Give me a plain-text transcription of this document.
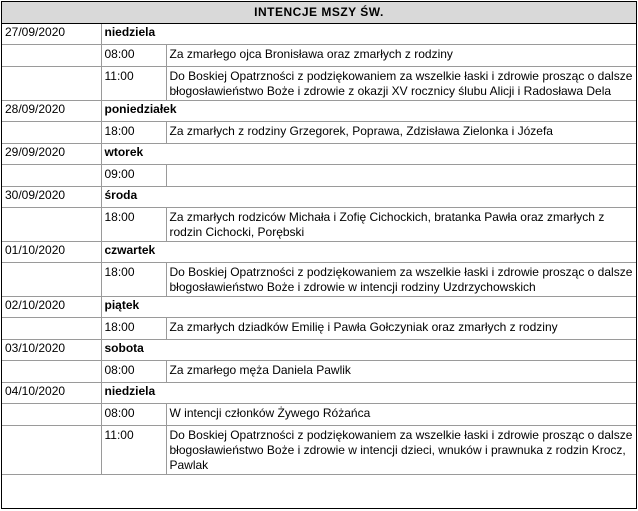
INTENCJE MSZY ŚW.
27/09/2020	niedziela	
	08:00	Za zmarłego ojca Bronisława oraz zmarłych z rodziny
	11:00	Do Boskiej Opatrzności z podziękowaniem za wszelkie łaski i zdrowie prosząc o dalsze błogosławieństwo Boże i zdrowie z okazji XV rocznicy ślubu Alicji i Radosława Dela
28/09/2020	poniedziałek	
	18:00	Za zmarłych z rodziny Grzegorek, Poprawa, Zdzisława Zielonka i Józefa
29/09/2020	wtorek	
	09:00	
30/09/2020	środa	
	18:00	Za zmarłych rodziców Michała i Zofię Cichockich, bratanka Pawła oraz zmarłych z rodzin Cichocki, Porębski
01/10/2020	czwartek	
	18:00	Do Boskiej Opatrzności z podziękowaniem za wszelkie łaski i zdrowie prosząc o dalsze błogosławieństwo Boże i zdrowie w intencji rodziny Uzdrzychowskich
02/10/2020	piątek	
	18:00	Za zmarłych dziadków Emilię i Pawła Gołczyniak oraz zmarłych z rodziny
03/10/2020	sobota	
	08:00	Za zmarłego męża Daniela Pawlik
04/10/2020	niedziela	
	08:00	W intencji członków Żywego Różańca
	11:00	Do Boskiej Opatrzności z podziękowaniem za wszelkie łaski i zdrowie prosząc o dalsze błogosławieństwo Boże i zdrowie w intencji dzieci, wnuków i prawnuka z rodzin Krocz, Pawlak
